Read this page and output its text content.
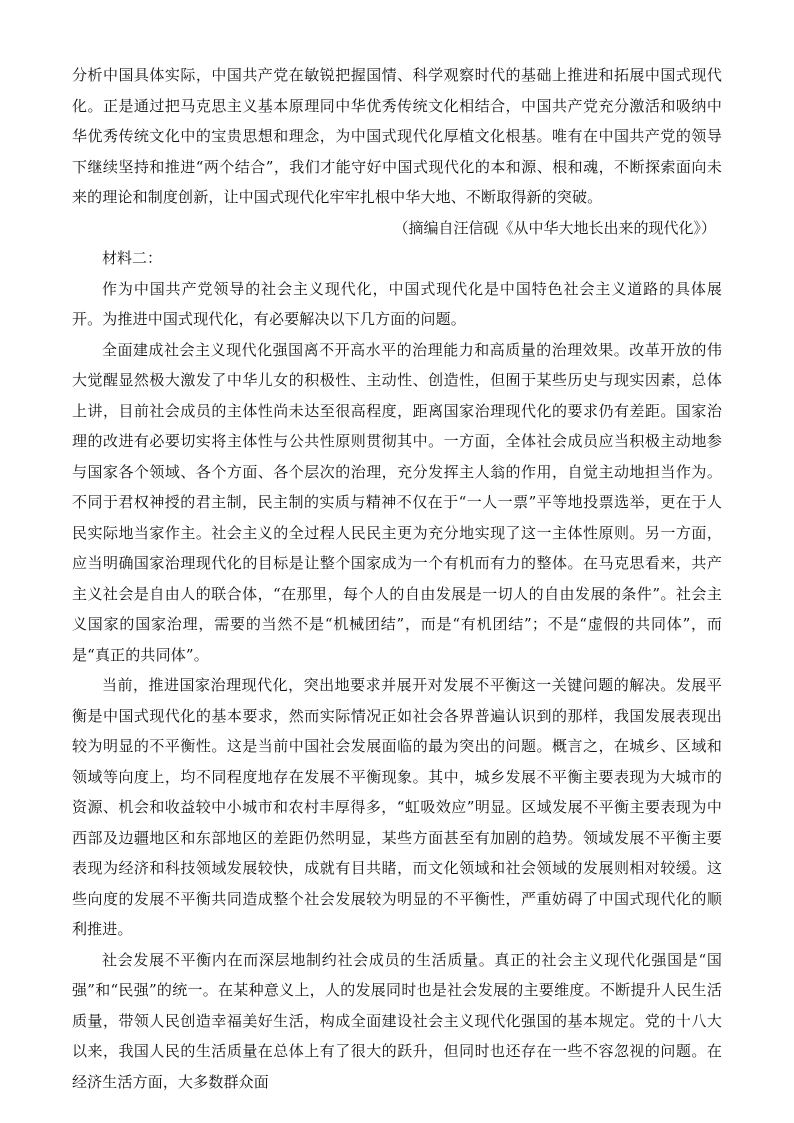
分析中国具体实际，中国共产党在敏锐把握国情、科学观察时代的基础上推进和拓展中国式现代化。正是通过把马克思主义基本原理同中华优秀传统文化相结合，中国共产党充分激活和吸纳中华优秀传统文化中的宝贵思想和理念，为中国式现代化厚植文化根基。唯有在中国共产党的领导下继续坚持和推进“两个结合”，我们才能守好中国式现代化的本和源、根和魂，不断探索面向未来的理论和制度创新，让中国式现代化牢牢扎根中华大地、不断取得新的突破。

（摘编自汪信砚《从中华大地长出来的现代化》）

材料二：

作为中国共产党领导的社会主义现代化，中国式现代化是中国特色社会主义道路的具体展开。为推进中国式现代化，有必要解决以下几方面的问题。

全面建成社会主义现代化强国离不开高水平的治理能力和高质量的治理效果。改革开放的伟大觉醒显然极大激发了中华儿女的积极性、主动性、创造性，但囿于某些历史与现实因素，总体上讲，目前社会成员的主体性尚未达至很高程度，距离国家治理现代化的要求仍有差距。国家治理的改进有必要切实将主体性与公共性原则贯彻其中。一方面，全体社会成员应当积极主动地参与国家各个领域、各个方面、各个层次的治理，充分发挥主人翁的作用，自觉主动地担当作为。不同于君权神授的君主制，民主制的实质与精神不仅在于“一人一票”平等地投票选举，更在于人民实际地当家作主。社会主义的全过程人民民主更为充分地实现了这一主体性原则。另一方面，应当明确国家治理现代化的目标是让整个国家成为一个有机而有力的整体。在马克思看来，共产主义社会是自由人的联合体，“在那里，每个人的自由发展是一切人的自由发展的条件”。社会主义国家的国家治理，需要的当然不是“机械团结”，而是“有机团结”；不是“虚假的共同体”，而是“真正的共同体”。

当前，推进国家治理现代化，突出地要求并展开对发展不平衡这一关键问题的解决。发展平衡是中国式现代化的基本要求，然而实际情况正如社会各界普遍认识到的那样，我国发展表现出较为明显的不平衡性。这是当前中国社会发展面临的最为突出的问题。概言之，在城乡、区域和领域等向度上，均不同程度地存在发展不平衡现象。其中，城乡发展不平衡主要表现为大城市的资源、机会和收益较中小城市和农村丰厚得多，“虹吸效应”明显。区域发展不平衡主要表现为中西部及边疆地区和东部地区的差距仍然明显，某些方面甚至有加剧的趋势。领域发展不平衡主要表现为经济和科技领域发展较快，成就有目共睹，而文化领域和社会领域的发展则相对较缓。这些向度的发展不平衡共同造成整个社会发展较为明显的不平衡性，严重妨碍了中国式现代化的顺利推进。

社会发展不平衡内在而深层地制约社会成员的生活质量。真正的社会主义现代化强国是“国强”和“民强”的统一。在某种意义上，人的发展同时也是社会发展的主要维度。不断提升人民生活质量，带领人民创造幸福美好生活，构成全面建设社会主义现代化强国的基本规定。党的十八大以来，我国人民的生活质量在总体上有了很大的跃升，但同时也还存在一些不容忽视的问题。在经济生活方面，大多数群众面
